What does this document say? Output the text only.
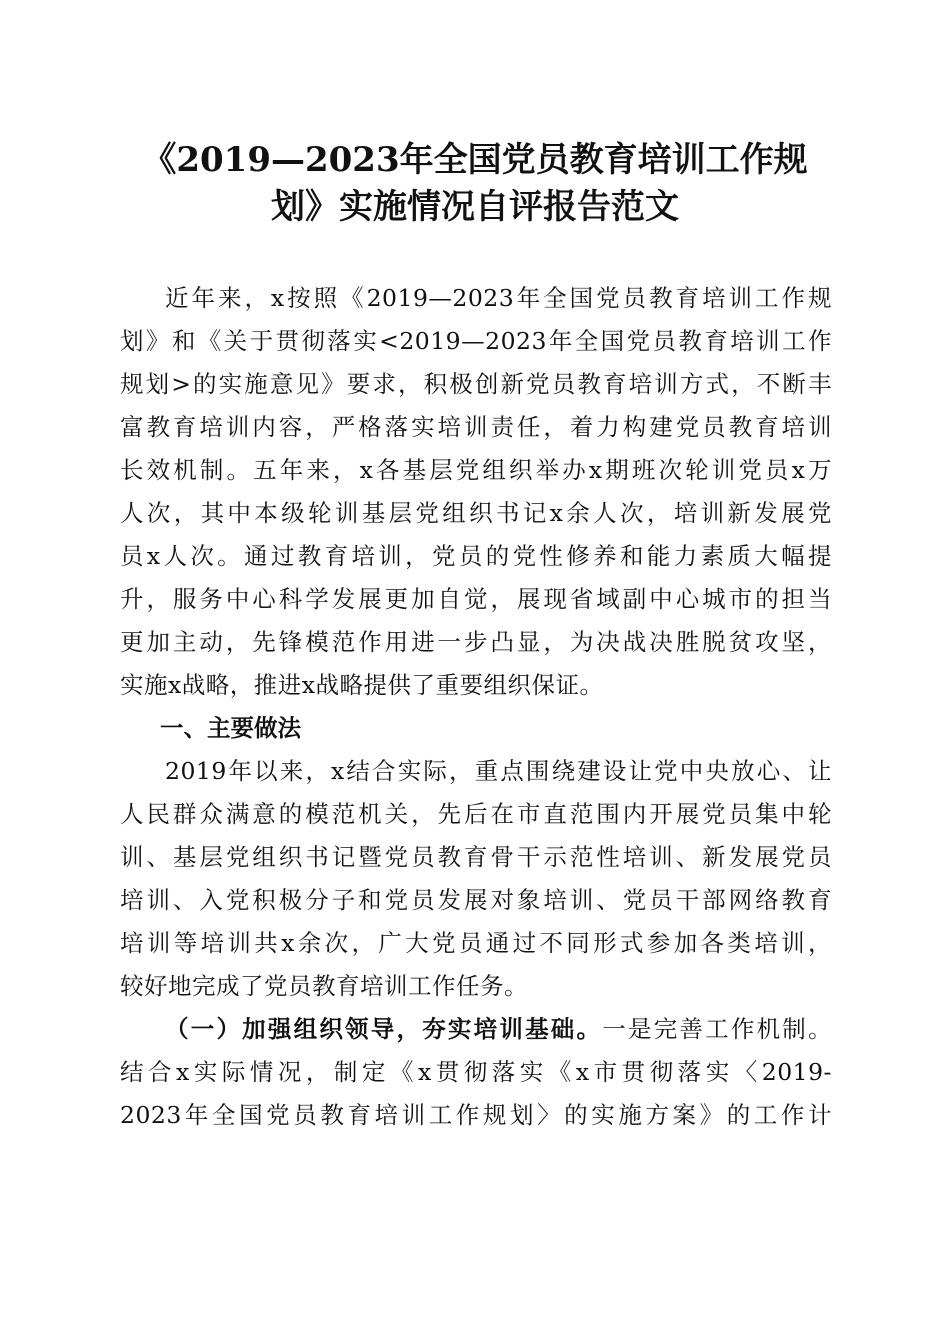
《2019—2023年全国党员教育培训工作规
划》实施情况自评报告范文

近年来，x按照《2019—2023年全国党员教育培训工作规

划》和《关于贯彻落实<2019—2023年全国党员教育培训工作

规划>的实施意见》要求，积极创新党员教育培训方式，不断丰

富教育培训内容，严格落实培训责任，着力构建党员教育培训

长效机制。五年来，x各基层党组织举办x期班次轮训党员x万

人次，其中本级轮训基层党组织书记x余人次，培训新发展党

员x人次。通过教育培训，党员的党性修养和能力素质大幅提

升，服务中心科学发展更加自觉，展现省域副中心城市的担当

更加主动，先锋模范作用进一步凸显，为决战决胜脱贫攻坚，

实施x战略，推进x战略提供了重要组织保证。

一、主要做法

2019年以来，x结合实际，重点围绕建设让党中央放心、让

人民群众满意的模范机关，先后在市直范围内开展党员集中轮

训、基层党组织书记暨党员教育骨干示范性培训、新发展党员

培训、入党积极分子和党员发展对象培训、党员干部网络教育

培训等培训共x余次，广大党员通过不同形式参加各类培训，

较好地完成了党员教育培训工作任务。

（一）加强组织领导，夯实培训基础。一是完善工作机制。

结合x实际情况，制定《x贯彻落实《x市贯彻落实〈2019-

2023年全国党员教育培训工作规划〉的实施方案》的工作计
